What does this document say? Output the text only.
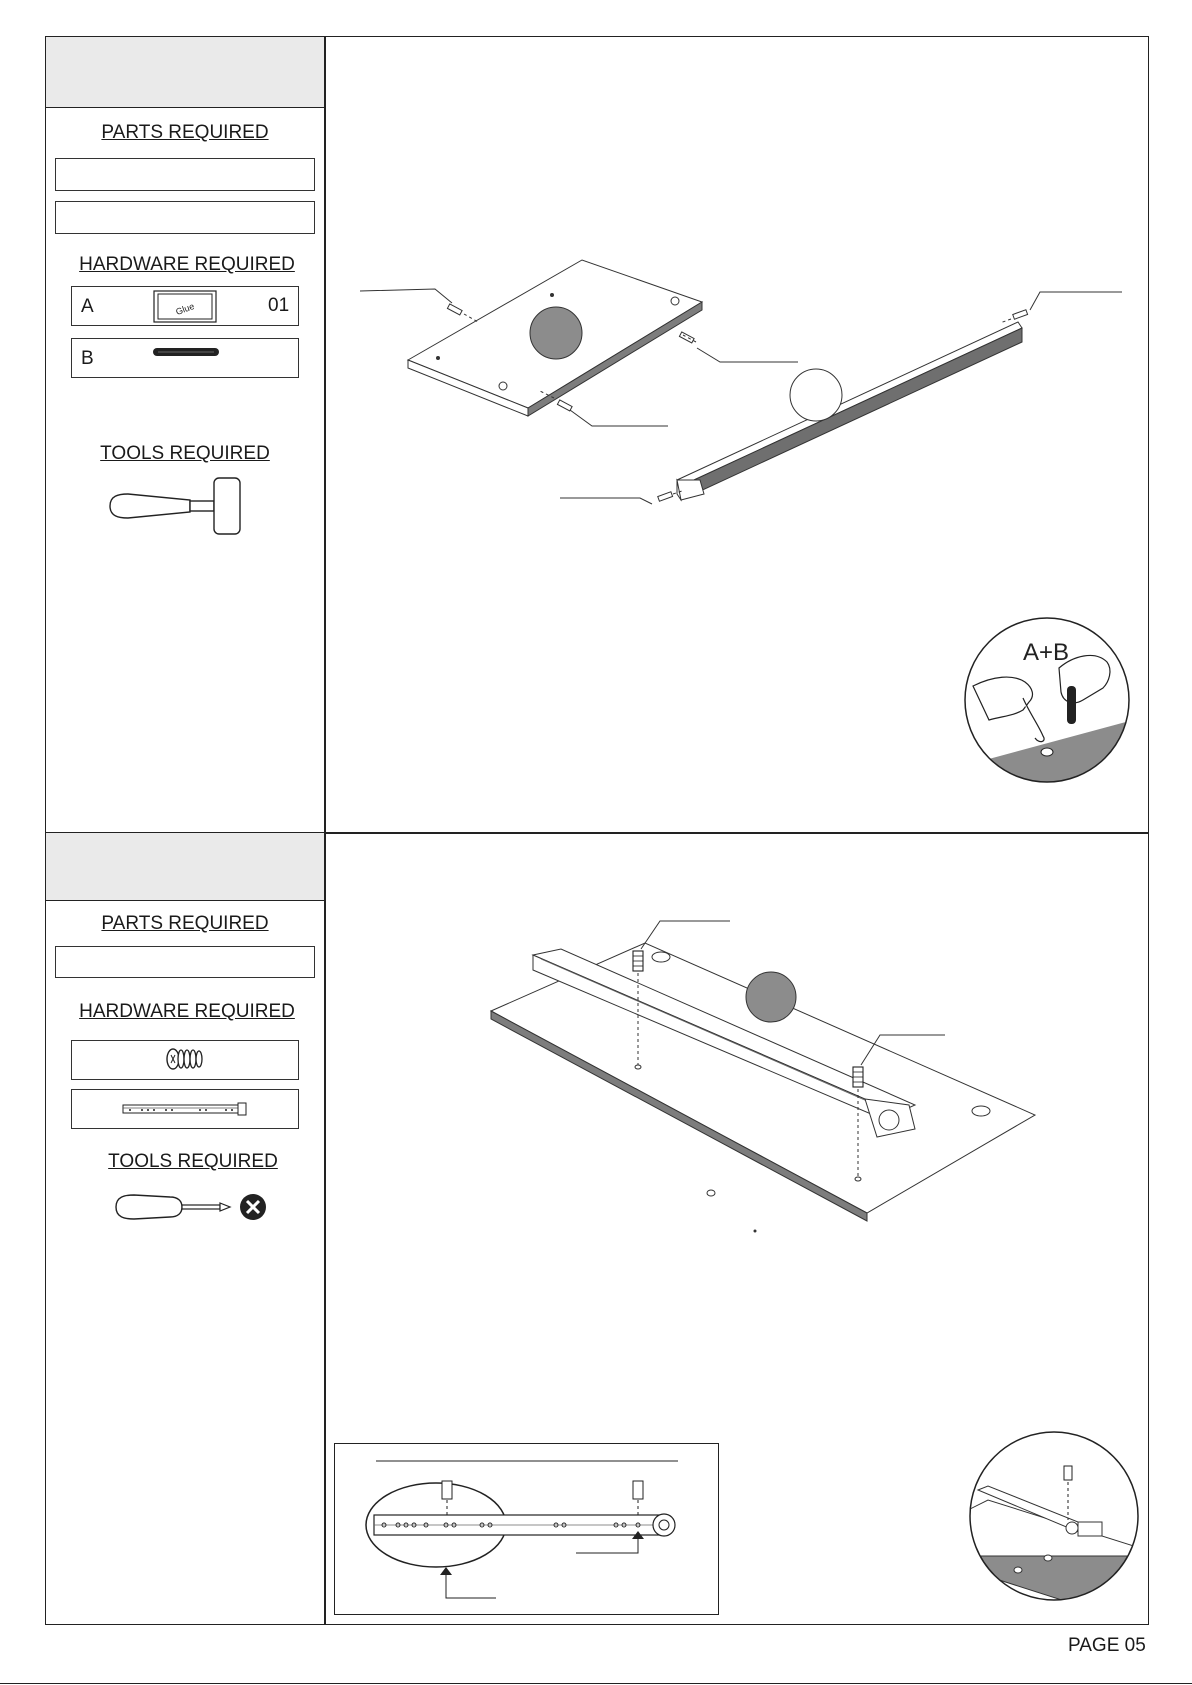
PARTS REQUIRED
HARDWARE REQUIRED
A	Glue	01
B
TOOLS REQUIRED
A+B
PARTS REQUIRED
HARDWARE REQUIRED
TOOLS REQUIRED
PAGE 05
